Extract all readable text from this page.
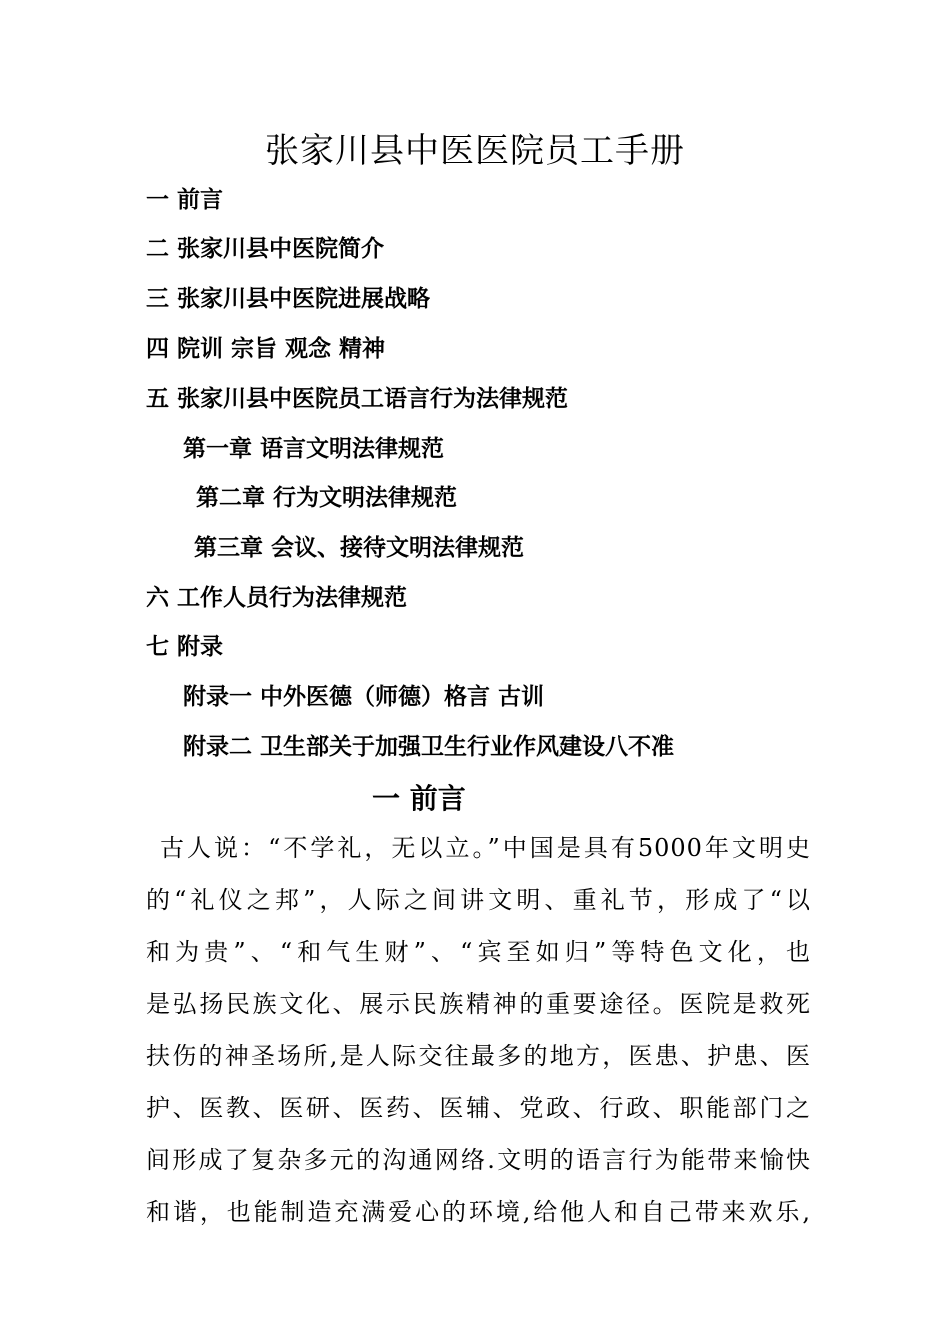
张家川县中医医院员工手册
一 前言
二 张家川县中医院简介
三 张家川县中医院进展战略
四 院训 宗旨 观念 精神
五 张家川县中医院员工语言行为法律规范
第一章 语言文明法律规范
第二章 行为文明法律规范
第三章 会议、接待文明法律规范
六 工作人员行为法律规范
七 附录
附录一 中外医德（师德）格言 古训
附录二 卫生部关于加强卫生行业作风建设八不准
一 前言
古人说：“不学礼，无以立。”中国是具有5000年文明史
的“礼仪之邦”，人际之间讲文明、重礼节，形成了“以
和为贵”、“和气生财”、“宾至如归”等特色文化，也
是弘扬民族文化、展示民族精神的重要途径。医院是救死
扶伤的神圣场所,是人际交往最多的地方，医患、护患、医
护、医教、医研、医药、医辅、党政、行政、职能部门之
间形成了复杂多元的沟通网络.文明的语言行为能带来愉快
和谐，也能制造充满爱心的环境,给他人和自己带来欢乐,
